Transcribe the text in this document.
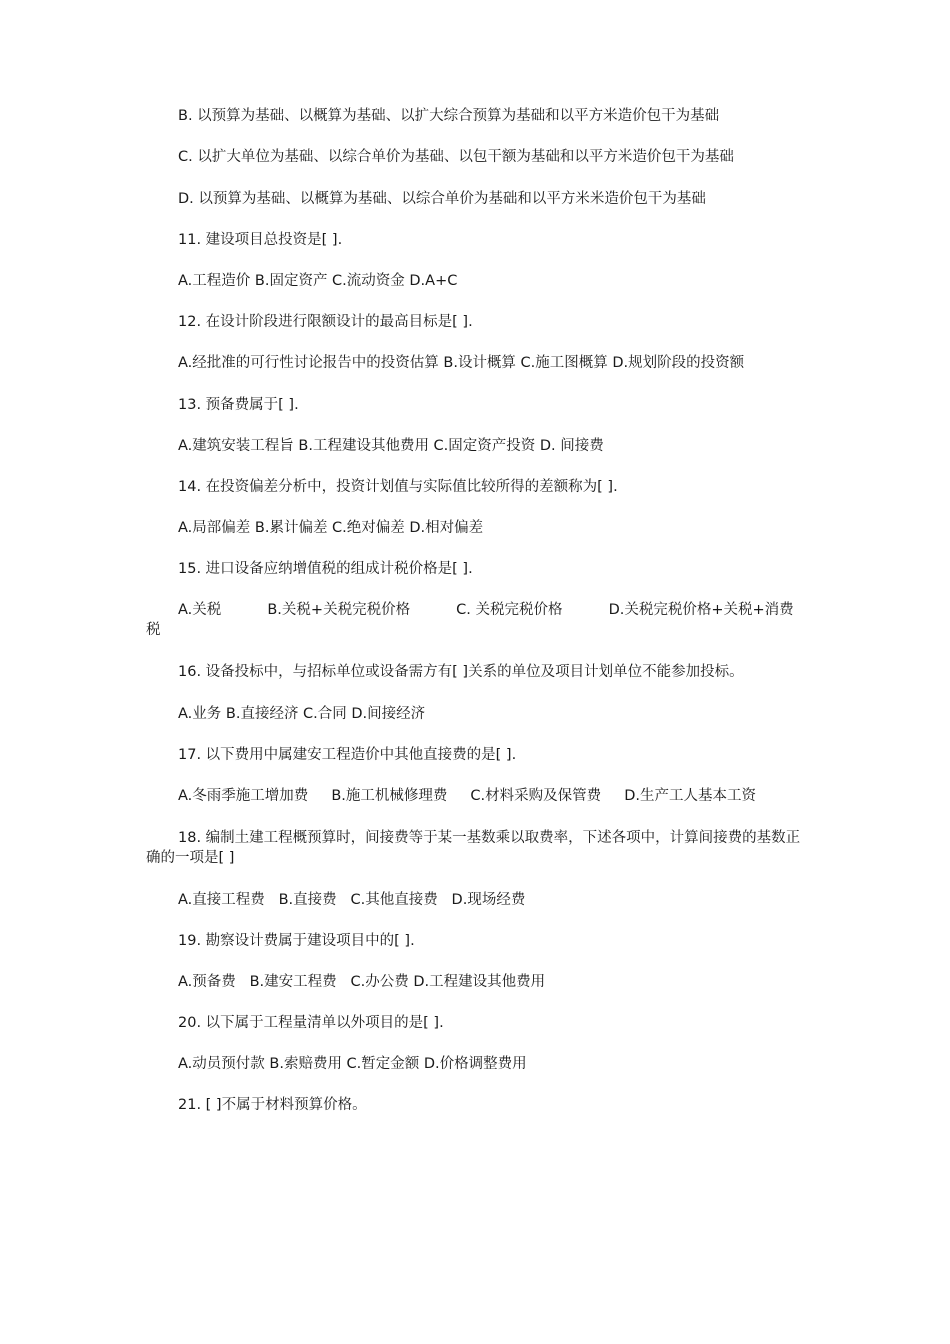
B. 以预算为基础、以概算为基础、以扩大综合预算为基础和以平方米造价包干为基础

C. 以扩大单位为基础、以综合单价为基础、以包干额为基础和以平方米造价包干为基础

D. 以预算为基础、以概算为基础、以综合单价为基础和以平方米米造价包干为基础

11. 建设项目总投资是[ ].

A.工程造价 B.固定资产 C.流动资金 D.A+C

12. 在设计阶段进行限额设计的最高目标是[ ].

A.经批准的可行性讨论报告中的投资估算 B.设计概算 C.施工图概算 D.规划阶段的投资额

13. 预备费属于[ ].

A.建筑安装工程旨 B.工程建设其他费用 C.固定资产投资 D. 间接费

14. 在投资偏差分析中，投资计划值与实际值比较所得的差额称为[ ].

A.局部偏差 B.累计偏差 C.绝对偏差 D.相对偏差

15. 进口设备应纳增值税的组成计税价格是[ ].

A.关税          B.关税+关税完税价格          C. 关税完税价格          D.关税完税价格+关税+消费税

16. 设备投标中，与招标单位或设备需方有[ ]关系的单位及项目计划单位不能参加投标。

A.业务 B.直接经济 C.合同 D.间接经济

17. 以下费用中属建安工程造价中其他直接费的是[ ].

A.冬雨季施工增加费     B.施工机械修理费     C.材料采购及保管费     D.生产工人基本工资

18. 编制土建工程概预算时，间接费等于某一基数乘以取费率，下述各项中，计算间接费的基数正确的一项是[ ]

A.直接工程费   B.直接费   C.其他直接费   D.现场经费

19. 勘察设计费属于建设项目中的[ ].

A.预备费   B.建安工程费   C.办公费 D.工程建设其他费用

20. 以下属于工程量清单以外项目的是[ ].

A.动员预付款 B.索赔费用 C.暂定金额 D.价格调整费用

21. [ ]不属于材料预算价格。
